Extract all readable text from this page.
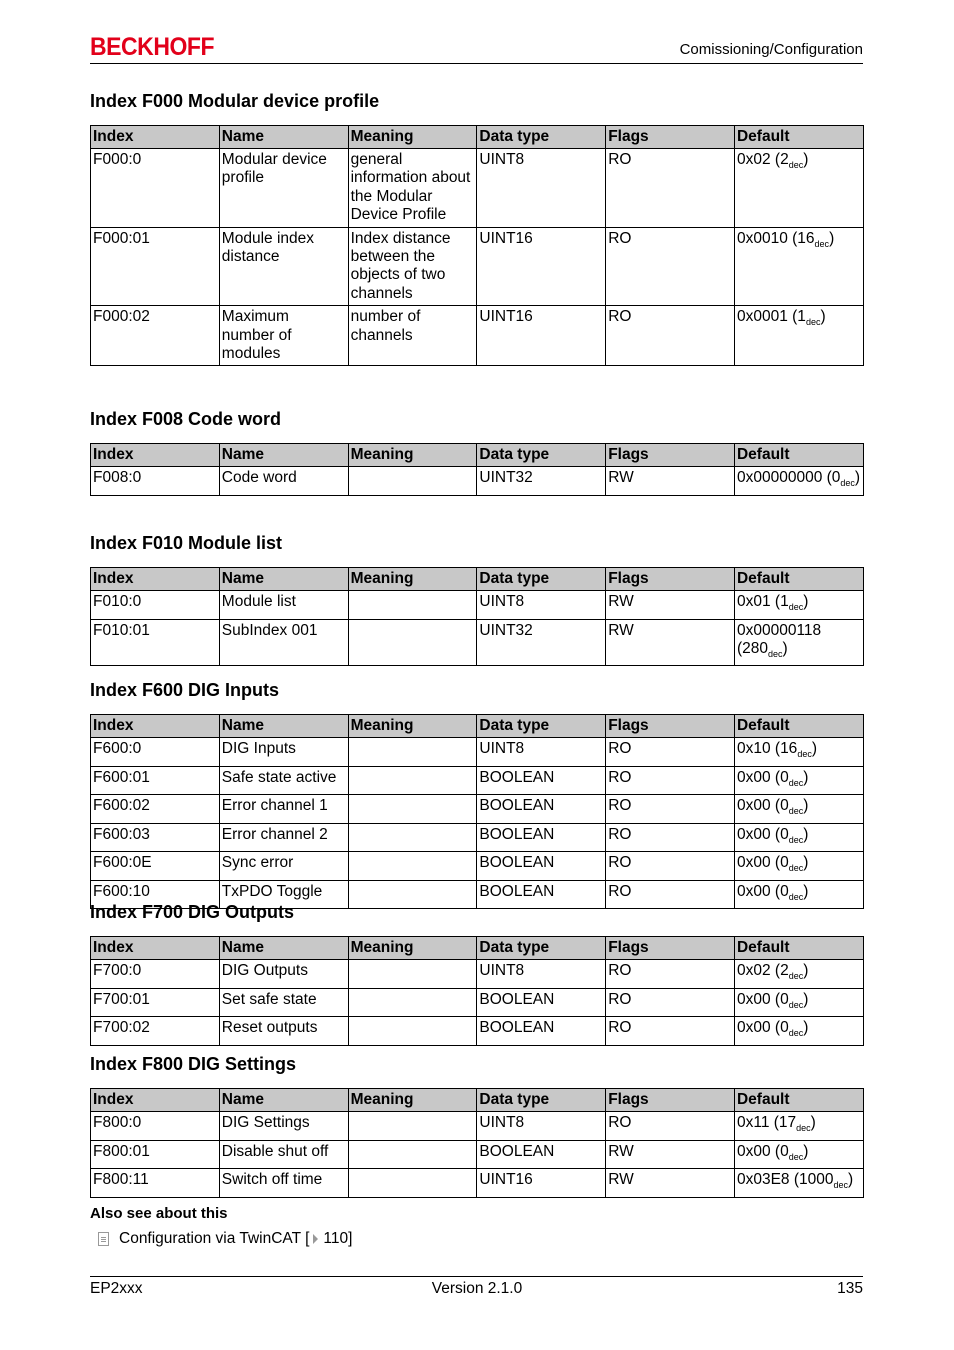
BECKHOFF	Comissioning/Configuration
Index F000 Modular device profile
Index	Name	Meaning	Data type	Flags	Default
F000:0	Modular device profile	general information about the Modular Device Profile	UINT8	RO	0x02 $(2_{dec})$
F000:01	Module index distance	Index distance between the objects of two channels	UINT16	RO	0x0010 $(16_{dec})$
F000:02	Maximum number of modules	number of channels	UINT16	RO	0x0001 $(1_{dec})$
Index F008 Code word
Index	Name	Meaning	Data type	Flags	Default
F008:0	Code word		UINT32	RW	0x00000000 $(0_{dec})$
Index F010 Module list
Index	Name	Meaning	Data type	Flags	Default
F010:0	Module list		UINT8	RW	0x01 $(1_{dec})$
F010:01	SubIndex 001		UINT32	RW	0x00000118 $(280_{dec})$
Index F600 DIG Inputs
Index	Name	Meaning	Data type	Flags	Default
F600:0	DIG Inputs		UINT8	RO	0x10 $(16_{dec})$
F600:01	Safe state active		BOOLEAN	RO	0x00 $(0_{dec})$
F600:02	Error channel 1		BOOLEAN	RO	0x00 $(0_{dec})$
F600:03	Error channel 2		BOOLEAN	RO	0x00 $(0_{dec})$
F600:0E	Sync error		BOOLEAN	RO	0x00 $(0_{dec})$
F600:10	TxPDO Toggle		BOOLEAN	RO	0x00 $(0_{dec})$
Index F700 DIG Outputs
Index	Name	Meaning	Data type	Flags	Default
F700:0	DIG Outputs		UINT8	RO	0x02 $(2_{dec})$
F700:01	Set safe state		BOOLEAN	RO	0x00 $(0_{dec})$
F700:02	Reset outputs		BOOLEAN	RO	0x00 $(0_{dec})$
Index F800 DIG Settings
Index	Name	Meaning	Data type	Flags	Default
F800:0	DIG Settings		UINT8	RO	0x11 $(17_{dec})$
F800:01	Disable shut off		BOOLEAN	RW	0x00 $(0_{dec})$
F800:11	Switch off time		UINT16	RW	0x03E8 $(1000_{dec})$
Also see about this
Configuration via TwinCAT [ 110 ]
EP2xxx	Version 2.1.0	135
